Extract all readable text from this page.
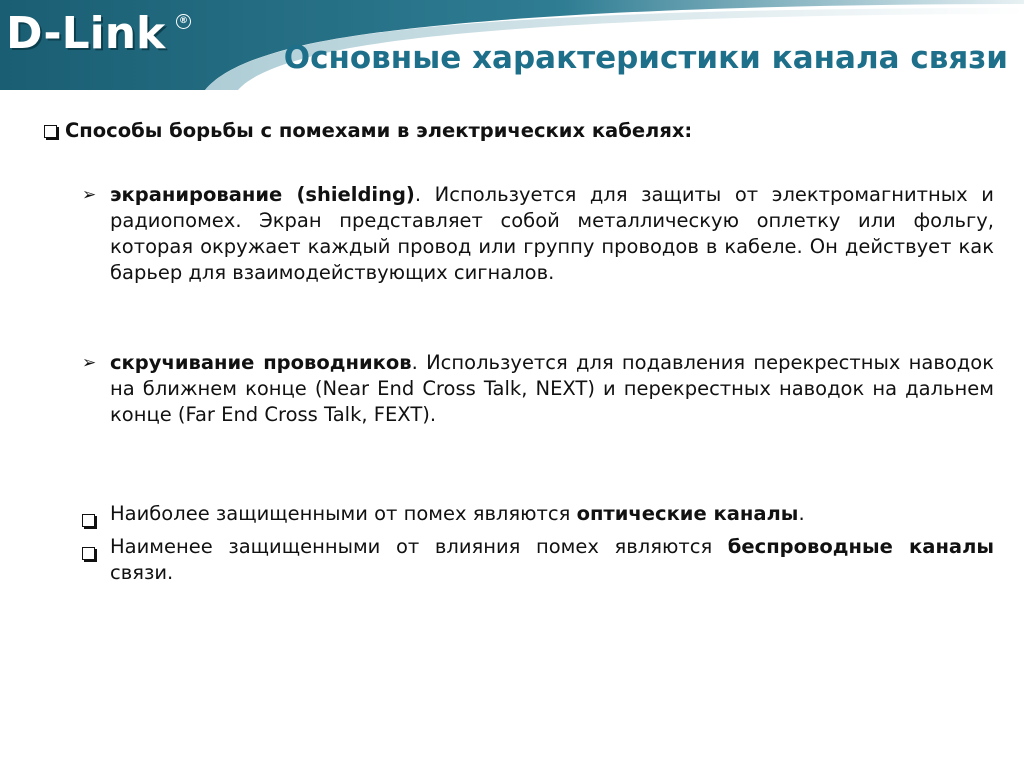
D-Link	®
Основные характеристики канала связи
Способы борьбы с помехами в электрических кабелях:
➢ экранирование (shielding). Используется для защиты от электромагнитных и радиопомех. Экран представляет собой металлическую оплетку или фольгу, которая окружает каждый провод или группу проводов в кабеле. Он действует как барьер для взаимодействующих сигналов.
➢ скручивание проводников. Используется для подавления перекрестных наводок на ближнем конце (Near End Cross Talk, NEXT) и перекрестных наводок на дальнем конце (Far End Cross Talk, FEXT).
Наиболее защищенными от помех являются оптические каналы.
Наименее защищенными от влияния помех являются беспроводные каналы связи.
